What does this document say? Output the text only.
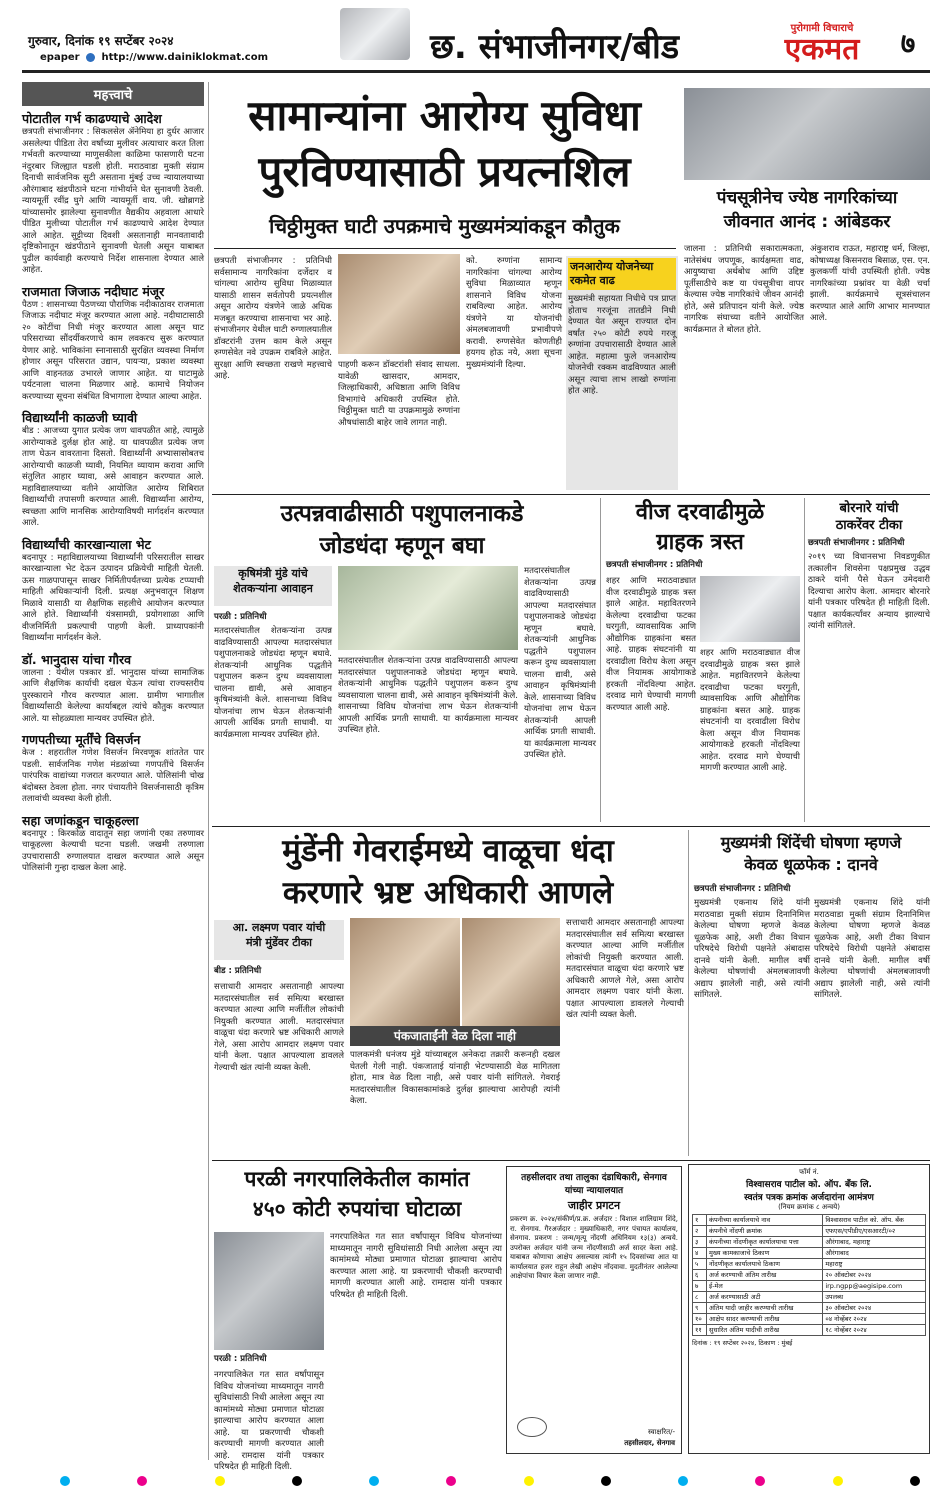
गुरुवार, दिनांक १९ सप्टेंबर २०२४
epaper http://www.dainiklokmat.com	छ. संभाजीनगर/बीड	पुरोगामी विचाराचे
एकमत	७
महत्त्वाचे
पोटातील गर्भ काढण्याचे आदेश
छत्रपती संभाजीनगर : सिकलसेल ॲनेमिया हा दुर्धर आजार असलेल्या पीडिता तेरा वर्षांच्या मुलीवर अत्याचार करत तिला गर्भवती करण्याच्या माणुसकीला काळिमा फासणारी घटना नंदुरबार जिल्ह्यात घडली होती. मराठवाडा मुक्ती संग्राम दिनाची सार्वजनिक सुटी असताना मुंबई उच्च न्यायालयाच्या औरंगाबाद खंडपीठाने घटना गांभीर्याने घेत सुनावणी ठेवली. न्यायमूर्ती रवींद्र घुगे आणि न्यायमूर्ती वाय. जी. खोब्रागडे यांच्यासमोर झालेल्या सुनावणीत वैद्यकीय अहवाला आधारे पीडित मुलीच्या पोटातील गर्भ काढण्याचे आदेश देण्यात आले आहेत. सुट्टीच्या दिवशी असतानाही मानवतावादी दृष्टिकोनातून खंडपीठाने सुनावणी घेतली असून याबाबत पुढील कार्यवाही करण्याचे निर्देश शासनाला देण्यात आले आहेत.
राजमाता जिजाऊ नदीघाट मंजूर
पैठण : शासनाच्या पैठणच्या पौराणिक नदीकाठावर राजमाता जिजाऊ नदीघाट मंजूर करण्यात आला आहे. नदीघाटासाठी २० कोटींचा निधी मंजूर करण्यात आला असून घाट परिसराच्या सौंदर्यीकरणाचे काम लवकरच सुरू करण्यात येणार आहे. भाविकांना स्नानासाठी सुरक्षित व्यवस्था निर्माण होणार असून परिसरात उद्यान, पायऱ्या, प्रकाश व्यवस्था आणि वाहनतळ उभारले जाणार आहेत. या घाटामुळे पर्यटनाला चालना मिळणार आहे. कामाचे नियोजन करण्याच्या सूचना संबंधित विभागाला देण्यात आल्या आहेत.
विद्यार्थ्यांनी काळजी घ्यावी
बीड : आजच्या युगात प्रत्येक जण धावपळीत आहे, त्यामुळे आरोग्याकडे दुर्लक्ष होत आहे. या धावपळीत प्रत्येक जण ताण घेऊन वावरताना दिसतो. विद्यार्थ्यांनी अभ्यासासोबतच आरोग्याची काळजी घ्यावी, नियमित व्यायाम करावा आणि संतुलित आहार घ्यावा, असे आवाहन करण्यात आले. महाविद्यालयाच्या वतीने आयोजित आरोग्य शिबिरात विद्यार्थ्यांची तपासणी करण्यात आली. विद्यार्थ्यांना आरोग्य, स्वच्छता आणि मानसिक आरोग्याविषयी मार्गदर्शन करण्यात आले.
विद्यार्थ्यांची कारखान्याला भेट
बदनापूर : महाविद्यालयाच्या विद्यार्थ्यांनी परिसरातील साखर कारखान्याला भेट देऊन उत्पादन प्रक्रियेची माहिती घेतली. ऊस गाळपापासून साखर निर्मितीपर्यंतच्या प्रत्येक टप्प्याची माहिती अधिकाऱ्यांनी दिली. प्रत्यक्ष अनुभवातून शिक्षण मिळावे यासाठी या शैक्षणिक सहलीचे आयोजन करण्यात आले होते. विद्यार्थ्यांनी यंत्रसामग्री, प्रयोगशाळा आणि वीजनिर्मिती प्रकल्पाची पाहणी केली. प्राध्यापकांनी विद्यार्थ्यांना मार्गदर्शन केले.
डॉ. भानुदास यांचा गौरव
जालना : येथील पत्रकार डॉ. भानुदास यांच्या सामाजिक आणि शैक्षणिक कार्याची दखल घेऊन त्यांचा राज्यस्तरीय पुरस्काराने गौरव करण्यात आला. ग्रामीण भागातील विद्यार्थ्यांसाठी केलेल्या कार्याबद्दल त्यांचे कौतुक करण्यात आले. या सोहळ्याला मान्यवर उपस्थित होते.
गणपतीच्या मूर्तींचे विसर्जन
केज : शहरातील गणेश विसर्जन मिरवणूक शांततेत पार पडली. सार्वजनिक गणेश मंडळांच्या गणपतींचे विसर्जन पारंपरिक वाद्यांच्या गजरात करण्यात आले. पोलिसांनी चोख बंदोबस्त ठेवला होता. नगर पंचायतीने विसर्जनासाठी कृत्रिम तलावांची व्यवस्था केली होती.
सहा जणांकडून चाकूहल्ला
बदनापूर : किरकोळ वादातून सहा जणांनी एका तरुणावर चाकूहल्ला केल्याची घटना घडली. जखमी तरुणाला उपचारासाठी रुग्णालयात दाखल करण्यात आले असून पोलिसांनी गुन्हा दाखल केला आहे.
सामान्यांना आरोग्य सुविधा
पुरविण्यासाठी प्रयत्नशिल
चिठ्ठीमुक्त घाटी उपक्रमाचे मुख्यमंत्र्यांकडून कौतुक
छत्रपती संभाजीनगर : प्रतिनिधी सर्वसामान्य नागरिकांना दर्जेदार व चांगल्या आरोग्य सुविधा मिळाव्यात यासाठी शासन सर्वतोपरी प्रयत्नशील असून आरोग्य यंत्रणेने जाळे अधिक मजबूत करण्याचा शासनाचा भर आहे. संभाजीनगर येथील घाटी रुग्णालयातील डॉक्टरांनी उत्तम काम केले असून रुग्णसेवेत नवे उपक्रम राबविले आहेत. सुरक्षा आणि स्वच्छता राखणे महत्त्वाचे आहे.
पाहणी करून डॉक्टरांशी संवाद साधला. यावेळी खासदार, आमदार, जिल्हाधिकारी, अधिष्ठाता आणि विविध विभागांचे अधिकारी उपस्थित होते. चिठ्ठीमुक्त घाटी या उपक्रमामुळे रुग्णांना औषधांसाठी बाहेर जावे लागत नाही.
को. रुग्णांना सामान्य नागरिकांना चांगल्या आरोग्य सुविधा मिळाव्यात म्हणून शासनाने विविध योजना राबविल्या आहेत. आरोग्य यंत्रणेने या योजनांची अंमलबजावणी प्रभावीपणे करावी. रुग्णसेवेत कोणतीही हयगय होऊ नये, अशा सूचना मुख्यमंत्र्यांनी दिल्या.
जनआरोग्य योजनेच्या रकमेत वाढ
मुख्यमंत्री सहायता निधीचे पत्र प्राप्त होताच गरजूंना तातडीने निधी देण्यात येत असून राज्यात दोन वर्षांत २५० कोटी रुपये गरजू रुग्णांना उपचारासाठी देण्यात आले आहेत. महात्मा फुले जनआरोग्य योजनेची रक्कम वाढविण्यात आली असून त्याचा लाभ लाखो रुग्णांना होत आहे.
पंचसूत्रीनेच ज्येष्ठ नागरिकांच्या
जीवनात आनंद : आंबेडकर
जालना : प्रतिनिधी सकारात्मकता, नातेसंबंध जपणूक, कार्यक्षमता वाढ, आयुष्याचा अर्थबोध आणि उद्दिष्ट पूर्तीसाठीचे कष्ट या पंचसूत्रीचा वापर केल्यास ज्येष्ठ नागरिकांचे जीवन आनंदी होते, असे प्रतिपादन यांनी केले. ज्येष्ठ नागरिक संघाच्या वतीने आयोजित कार्यक्रमात ते बोलत होते.
अंकुशराव राऊत, महाराष्ट्र धर्म, जिल्हा, कोषाध्यक्ष किसनराव बिसाळ, एस. एन. कुलकर्णी यांची उपस्थिती होती. ज्येष्ठ नागरिकांच्या प्रश्नांवर या वेळी चर्चा झाली. कार्यक्रमाचे सूत्रसंचालन करण्यात आले आणि आभार मानण्यात आले.
उत्पन्नवाढीसाठी पशुपालनाकडे
जोडधंदा म्हणून बघा
कृषिमंत्री मुंडे यांचे
शेतकऱ्यांना आवाहन
परळी : प्रतिनिधी
मतदारसंघातील शेतकऱ्यांना उत्पन्न वाढविण्यासाठी आपल्या मतदारसंघात पशुपालनाकडे जोडधंदा म्हणून बघावे. शेतकऱ्यांनी आधुनिक पद्धतीने पशुपालन करून दुग्ध व्यवसायाला चालना द्यावी, असे आवाहन कृषिमंत्र्यांनी केले. शासनाच्या विविध योजनांचा लाभ घेऊन शेतकऱ्यांनी आपली आर्थिक प्रगती साधावी. या कार्यक्रमाला मान्यवर उपस्थित होते.
मतदारसंघातील शेतकऱ्यांना उत्पन्न वाढविण्यासाठी आपल्या मतदारसंघात पशुपालनाकडे जोडधंदा म्हणून बघावे. शेतकऱ्यांनी आधुनिक पद्धतीने पशुपालन करून दुग्ध व्यवसायाला चालना द्यावी, असे आवाहन कृषिमंत्र्यांनी केले. शासनाच्या विविध योजनांचा लाभ घेऊन शेतकऱ्यांनी आपली आर्थिक प्रगती साधावी. या कार्यक्रमाला मान्यवर उपस्थित होते.
मतदारसंघातील शेतकऱ्यांना उत्पन्न वाढविण्यासाठी आपल्या मतदारसंघात पशुपालनाकडे जोडधंदा म्हणून बघावे. शेतकऱ्यांनी आधुनिक पद्धतीने पशुपालन करून दुग्ध व्यवसायाला चालना द्यावी, असे आवाहन कृषिमंत्र्यांनी केले. शासनाच्या विविध योजनांचा लाभ घेऊन शेतकऱ्यांनी आपली आर्थिक प्रगती साधावी. या कार्यक्रमाला मान्यवर उपस्थित होते.
वीज दरवाढीमुळे
ग्राहक त्रस्त
छत्रपती संभाजीनगर : प्रतिनिधी
शहर आणि मराठवाड्यात वीज दरवाढीमुळे ग्राहक त्रस्त झाले आहेत. महावितरणने केलेल्या दरवाढीचा फटका घरगुती, व्यावसायिक आणि औद्योगिक ग्राहकांना बसत आहे. ग्राहक संघटनांनी या दरवाढीला विरोध केला असून वीज नियामक आयोगाकडे हरकती नोंदविल्या आहेत. दरवाढ मागे घेण्याची मागणी करण्यात आली आहे.
शहर आणि मराठवाड्यात वीज दरवाढीमुळे ग्राहक त्रस्त झाले आहेत. महावितरणने केलेल्या दरवाढीचा फटका घरगुती, व्यावसायिक आणि औद्योगिक ग्राहकांना बसत आहे. ग्राहक संघटनांनी या दरवाढीला विरोध केला असून वीज नियामक आयोगाकडे हरकती नोंदविल्या आहेत. दरवाढ मागे घेण्याची मागणी करण्यात आली आहे.
बोरनारे यांची
ठाकरेंवर टीका
छत्रपती संभाजीनगर : प्रतिनिधी
२०१९ च्या विधानसभा निवडणुकीत तत्कालीन शिवसेना पक्षप्रमुख उद्धव ठाकरे यांनी पैसे घेऊन उमेदवारी दिल्याचा आरोप केला. आमदार बोरनारे यांनी पत्रकार परिषदेत ही माहिती दिली. पक्षात कार्यकर्त्यांवर अन्याय झाल्याचे त्यांनी सांगितले.
मुंडेंनी गेवराईमध्ये वाळूचा धंदा
करणारे भ्रष्ट अधिकारी आणले
आ. लक्ष्मण पवार यांची
मंत्री मुंडेंवर टीका
बीड : प्रतिनिधी
सत्ताधारी आमदार असतानाही आपल्या मतदारसंघातील सर्व समित्या बरखास्त करण्यात आल्या आणि मर्जीतील लोकांची नियुक्ती करण्यात आली. मतदारसंघात वाळूचा धंदा करणारे भ्रष्ट अधिकारी आणले गेले, असा आरोप आमदार लक्ष्मण पवार यांनी केला. पक्षात आपल्याला डावलले गेल्याची खंत त्यांनी व्यक्त केली.
पंकजाताईंनी वेळ दिला नाही
पालकमंत्री धनंजय मुंडे यांच्याबद्दल अनेकदा तक्रारी करूनही दखल घेतली गेली नाही. पंकजाताई यांनाही भेटण्यासाठी वेळ मागितला होता, मात्र वेळ दिला नाही, असे पवार यांनी सांगितले. गेवराई मतदारसंघातील विकासकामांकडे दुर्लक्ष झाल्याचा आरोपही त्यांनी केला.
सत्ताधारी आमदार असतानाही आपल्या मतदारसंघातील सर्व समित्या बरखास्त करण्यात आल्या आणि मर्जीतील लोकांची नियुक्ती करण्यात आली. मतदारसंघात वाळूचा धंदा करणारे भ्रष्ट अधिकारी आणले गेले, असा आरोप आमदार लक्ष्मण पवार यांनी केला. पक्षात आपल्याला डावलले गेल्याची खंत त्यांनी व्यक्त केली.
मुख्यमंत्री शिंदेंची घोषणा म्हणजे
केवळ धूळफेक : दानवे
छत्रपती संभाजीनगर : प्रतिनिधी
मुख्यमंत्री एकनाथ शिंदे यांनी मराठवाडा मुक्ती संग्राम दिनानिमित्त केलेल्या घोषणा म्हणजे केवळ धूळफेक आहे, अशी टीका विधान परिषदेचे विरोधी पक्षनेते अंबादास दानवे यांनी केली. मागील वर्षी केलेल्या घोषणांची अंमलबजावणी अद्याप झालेली नाही, असे त्यांनी सांगितले.
मुख्यमंत्री एकनाथ शिंदे यांनी मराठवाडा मुक्ती संग्राम दिनानिमित्त केलेल्या घोषणा म्हणजे केवळ धूळफेक आहे, अशी टीका विधान परिषदेचे विरोधी पक्षनेते अंबादास दानवे यांनी केली. मागील वर्षी केलेल्या घोषणांची अंमलबजावणी अद्याप झालेली नाही, असे त्यांनी सांगितले.
परळी नगरपालिकेतील कामांत
४५० कोटी रुपयांचा घोटाळा
परळी : प्रतिनिधी
नगरपालिकेत गत सात वर्षांपासून विविध योजनांच्या माध्यमातून नागरी सुविधांसाठी निधी आलेला असून त्या कामांमध्ये मोठ्या प्रमाणात घोटाळा झाल्याचा आरोप करण्यात आला आहे. या प्रकरणाची चौकशी करण्याची मागणी करण्यात आली आहे. रामदास यांनी पत्रकार परिषदेत ही माहिती दिली.
नगरपालिकेत गत सात वर्षांपासून विविध योजनांच्या माध्यमातून नागरी सुविधांसाठी निधी आलेला असून त्या कामांमध्ये मोठ्या प्रमाणात घोटाळा झाल्याचा आरोप करण्यात आला आहे. या प्रकरणाची चौकशी करण्याची मागणी करण्यात आली आहे. रामदास यांनी पत्रकार परिषदेत ही माहिती दिली.
तहसीलदार तथा तालुका दंडाधिकारी, सेनगाव
यांच्या न्यायालयात
जाहीर प्रगटन
प्रकरण क्र. २०२४/संकीर्ण/प्र.क्र. अर्जदार : विशाल शालिग्राम शिंदे, रा. सेनगाव. गैरअर्जदार : मुख्याधिकारी, नगर पंचायत कार्यालय, सेनगाव. प्रकरण : जन्म/मृत्यू नोंदणी अधिनियम १३(३) अन्वये. उपरोक्त अर्जदार यांनी जन्म नोंदणीसाठी अर्ज सादर केला आहे. याबाबत कोणाचा आक्षेप असल्यास त्यांनी १५ दिवसांच्या आत या कार्यालयात हजर राहून लेखी आक्षेप नोंदवावा. मुदतीनंतर आलेल्या आक्षेपांचा विचार केला जाणार नाही.
स्वाक्षरित/-
तहसीलदार, सेनगाव
फॉर्म नं.
विश्वासराव पाटील को. ऑप. बँक लि.
स्वतंत्र पत्रक क्रमांक अर्जदारांना आमंत्रण
(नियम क्रमांक ८ अन्वये)
१	कंपनीच्या कार्यालयाचे नाव	विश्वासराव पाटील को. ऑप. बँक
२	कंपनीचे नोंदणी क्रमांक	एफएस/एपीडीए/एसआरटी/०२
३	कंपनीच्या नोंदणीकृत कार्यालयाचा पत्ता	औरंगाबाद, महाराष्ट्र
४	मुख्य कामकाजाचे ठिकाण	औरंगाबाद
५	नोंदणीकृत कार्यालयाचे ठिकाण	महाराष्ट्र
६	अर्ज करण्याची अंतिम तारीख	२० ऑक्टोबर २०२४
७	ई-मेल	irp.ngpp@aegisipe.com
८	अर्ज करण्यासाठी अटी	उपलब्ध
९	अंतिम यादी जाहीर करण्याची तारीख	३० ऑक्टोबर २०२४
१०	आक्षेप सादर करण्याची तारीख	०४ नोव्हेंबर २०२४
११	सुधारित अंतिम यादीची तारीख	१८ नोव्हेंबर २०२४
दिनांक : १९ सप्टेंबर २०२४, ठिकाण : मुंबई
